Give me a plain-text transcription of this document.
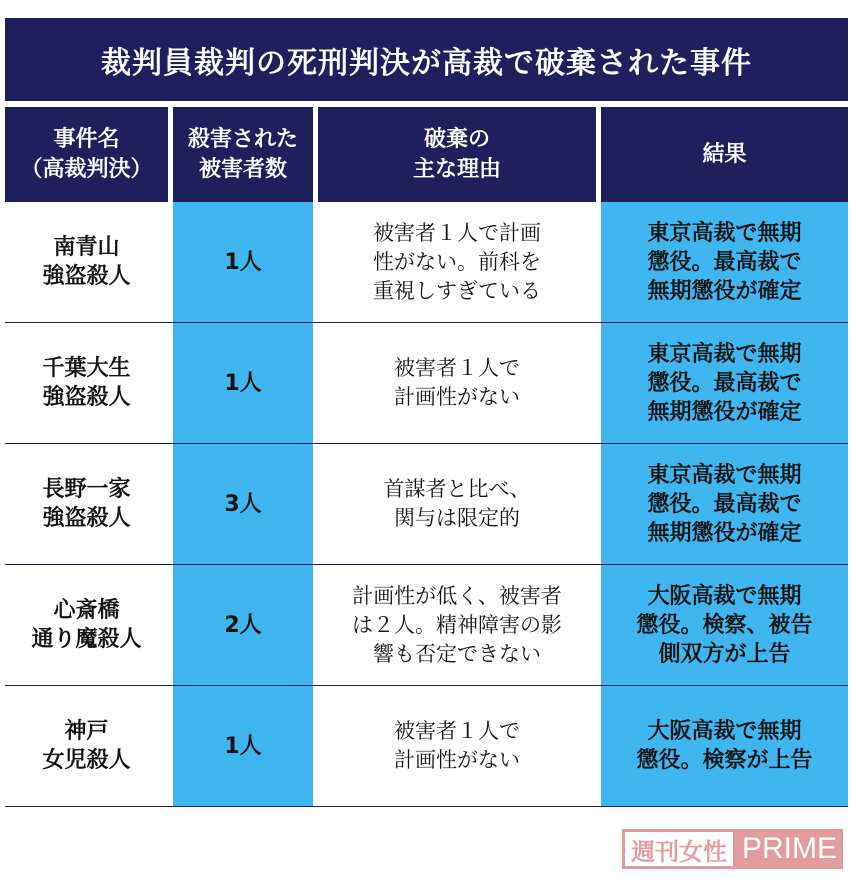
裁判員裁判の死刑判決が高裁で破棄された事件
事件名
（高裁判決）
殺害された
被害者数
破棄の
主な理由
結果
南青山
強盗殺人
1人
被害者１人で計画
性がない。前科を
重視しすぎている
東京高裁で無期
懲役。最高裁で
無期懲役が確定
千葉大生
強盗殺人
1人
被害者１人で
計画性がない
東京高裁で無期
懲役。最高裁で
無期懲役が確定
長野一家
強盗殺人
3人
首謀者と比べ、
関与は限定的
東京高裁で無期
懲役。最高裁で
無期懲役が確定
心斎橋
通り魔殺人
2人
計画性が低く、被害者
は２人。精神障害の影
響も否定できない
大阪高裁で無期
懲役。検察、被告
側双方が上告
神戸
女児殺人
1人
被害者１人で
計画性がない
大阪高裁で無期
懲役。検察が上告
週刊女性 PRIME
